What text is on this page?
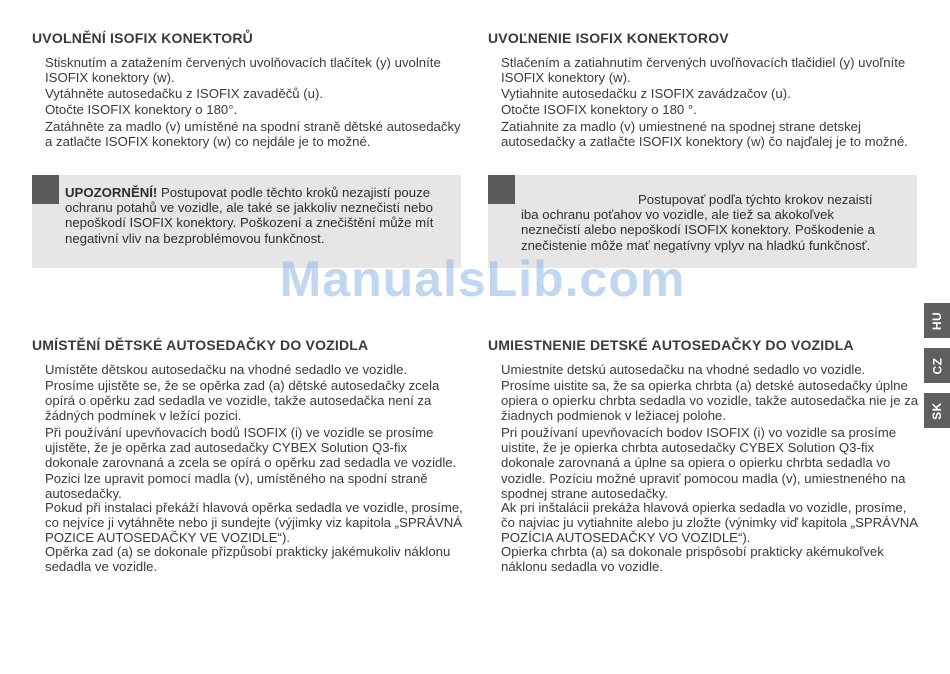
UVOLNĚNÍ ISOFIX KONEKTORŮ

Stisknutím a zatažením červených uvolňovacích tlačítek (y) uvolníte ISOFIX konektory (w).

Vytáhněte autosedačku z ISOFIX zavaděčů (u).

Otočte ISOFIX konektory o 180°.

Zatáhněte za madlo (v) umístěné na spodní straně dětské autosedačky a zatlačte ISOFIX konektory (w) co nejdále je to možné.

UPOZORNĚNÍ! Postupovat podle těchto kroků nezajistí pouze ochranu potahů ve vozidle, ale také se jakkoliv neznečistí nebo nepoškodí ISOFIX konektory. Poškození a znečištění může mít negativní vliv na bezproblémovou funkčnost.
UMÍSTĚNÍ DĚTSKÉ AUTOSEDAČKY DO VOZIDLA

Umístěte dětskou autosedačku na vhodné sedadlo ve vozidle.

Prosíme ujistěte se, že se opěrka zad (a) dětské autosedačky zcela opírá o opěrku zad sedadla ve vozidle, takže autosedačka není za žádných podmínek v ležící pozici.

Při používání upevňovacích bodů ISOFIX (i) ve vozidle se prosíme ujistěte, že je opěrka zad autosedačky CYBEX Solution Q3-fix dokonale zarovnaná a zcela se opírá o opěrku zad sedadla ve vozidle. Pozici lze upravit pomocí madla (v), umístěného na spodní straně autosedačky.

Pokud při instalaci překáží hlavová opěrka sedadla ve vozidle, prosíme, co nejvíce ji vytáhněte nebo ji sundejte (výjimky viz kapitola „SPRÁVNÁ POZICE AUTOSEDAČKY VE VOZIDLE“).

Opěrka zad (a) se dokonale přizpůsobí prakticky jakémukoliv náklonu sedadla ve vozidle.

UVOĽNENIE ISOFIX KONEKTOROV

Stlačením a zatiahnutím červených uvoľňovacích tlačidiel (y) uvoľníte ISOFIX konektory (w).

Vytiahnite autosedačku z ISOFIX zavádzačov (u).

Otočte ISOFIX konektory o 180 °.

Zatiahnite za madlo (v) umiestnené na spodnej strane detskej autosedačky a zatlačte ISOFIX konektory (w) čo najďalej je to možné.

Postupovať podľa týchto krokov nezaistí iba ochranu poťahov vo vozidle, ale tiež sa akokoľvek neznečistí alebo nepoškodí ISOFIX konektory. Poškodenie a znečistenie môže mať negatívny vplyv na hladkú funkčnosť.
UMIESTNENIE DETSKÉ AUTOSEDAČKY DO VOZIDLA

Umiestnite detskú autosedačku na vhodné sedadlo vo vozidle.

Prosíme uistite sa, že sa opierka chrbta (a) detské autosedačky úplne opiera o opierku chrbta sedadla vo vozidle, takže autosedačka nie je za žiadnych podmienok v ležiacej polohe.

Pri používaní upevňovacích bodov ISOFIX (i) vo vozidle sa prosíme uistite, že je opierka chrbta autosedačky CYBEX Solution Q3-fix dokonale zarovnaná a úplne sa opiera o opierku chrbta sedadla vo vozidle. Pozíciu možné upraviť pomocou madla (v), umiestneného na spodnej strane autosedačky.

Ak pri inštalácii prekáža hlavová opierka sedadla vo vozidle, prosíme, čo najviac ju vytiahnite alebo ju zložte (výnimky viď kapitola „SPRÁVNA POZÍCIA AUTOSEDAČKY VO VOZIDLE“).

Opierka chrbta (a) sa dokonale prispôsobí prakticky akémukoľvek náklonu sedadla vo vozidle.

ManualsLib.com
HU
CZ
SK
